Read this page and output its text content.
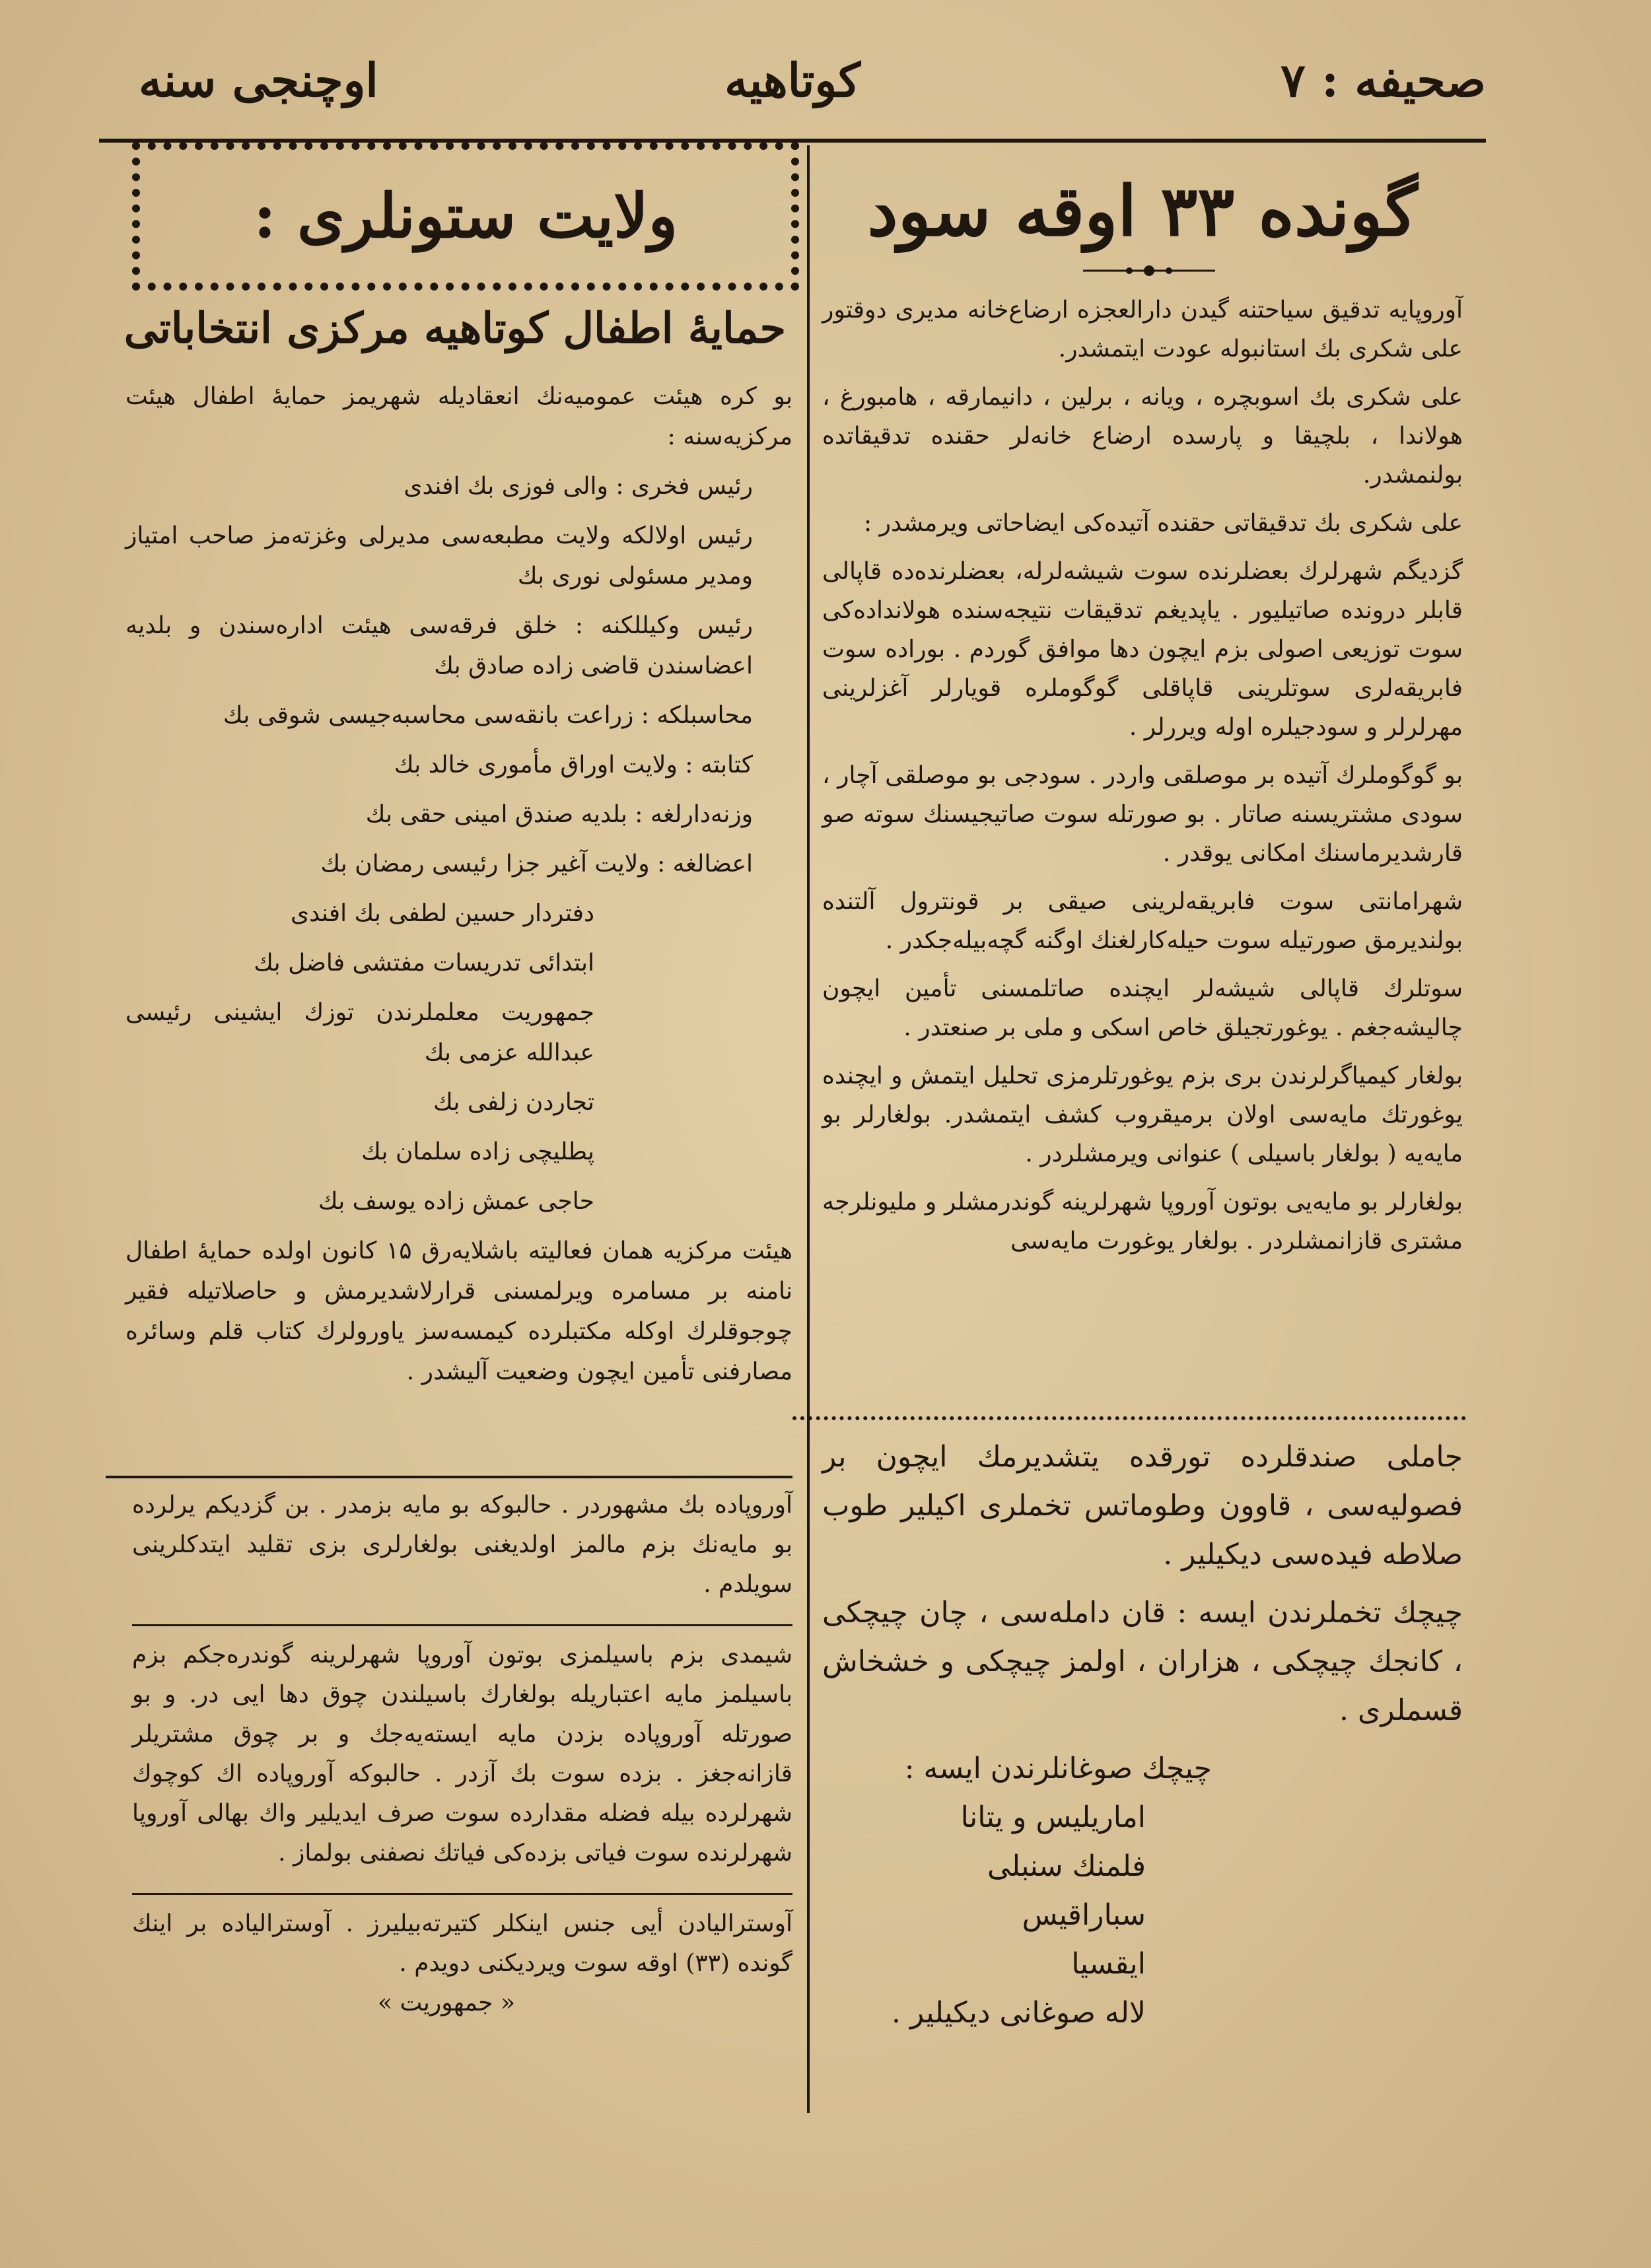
اوچنجی سنه	کوتاهیه	صحیفه : ۷
گونده ۳۳ اوقه سود

آوروپایه تدقیق سیاحتنه گیدن دارالعجزه ارضاع‌خانه مدیری دوقتور علی شکری بك استانبوله عودت ایتمشدر.

علی شکری بك اسوبچره ، ویانه ، برلین ، دانیمارقه ، هامبورغ ، هولاندا ، بلچیقا و پارسده ارضاع خانه‌لر حقنده تدقیقاتده بولنمشدر.

علی شکری بك تدقیقاتی حقنده آتیده‌کی ایضاحاتی ویرمشدر :

گزدیگم شهرلرك بعضلرنده سوت شیشه‌لرله، بعضلرنده‌ده قاپالی قابلر درونده صاتیلیور . یاپدیغم تدقیقات نتیجه‌سنده هولانداده‌کی سوت توزیعی اصولی بزم ایچون دها موافق گوردم . بوراده سوت فابریقه‌لری سوتلرینی قاپاقلی گوگوملره قویارلر آغزلرینی مهرلرلر و سودجیلره اوله ویررلر .

بو گوگوملرك آتیده بر موصلقی واردر . سودجی بو موصلقی آچار ، سودی مشتریسنه صاتار . بو صورتله سوت صاتیجیسنك سوته صو قارشدیرماسنك امکانی یوقدر .

شهرامانتی سوت فابریقه‌لرینی صیقی بر قونترول آلتنده بولندیرمق صورتیله سوت حیله‌کارلغنك اوگنه گچه‌بیله‌جکدر .

سوتلرك قاپالی شیشه‌لر ایچنده صاتلمسنی تأمین ایچون چالیشه‌جغم . یوغورتجیلق خاص اسکی و ملی بر صنعتدر .

بولغار کیمیاگرلرندن بری بزم یوغورتلرمزی تحلیل ایتمش و ایچنده یوغورتك مایه‌سی اولان برمیقروب کشف ایتمشدر. بولغارلر بو مایه‌یه ( بولغار باسیلی ) عنوانی ویرمشلردر .

بولغارلر بو مایه‌یی بوتون آوروپا شهرلرینه گوندرمشلر و ملیونلرجه مشتری قازانمشلردر . بولغار یوغورت مایه‌سی

جاملی صندقلرده تورقده یتشدیرمك ایچون بر فصولیه‌سی ، قاوون وطوماتس تخملری اکیلیر طوب صلاطه فیده‌سی دیکیلیر .

چیچك تخملرندن ایسه : قان داملەسی ، چان چیچکی ، کانجك چیچکی ، هزاران ، اولمز چیچکی و خشخاش قسملری .

چیچك صوغانلرندن ایسه :

اماریلیس و یتانا

فلمنك سنبلی

سباراقیس

ایقسیا

لاله صوغانی دیکیلیر .

ولایت ستونلری :
حمایهٔ اطفال کوتاهیه مرکزی انتخاباتی

بو کره هیئت عمومیه‌نك انعقادیله شهریمز حمایهٔ اطفال هیئت مرکزیه‌سنه :

رئیس فخری : والی فوزی بك افندی

رئیس اولالکه ولایت مطبعه‌سی مدیرلی وغزته‌مز صاحب امتیاز ومدیر مسئولی نوری بك

رئیس وکیللکنه : خلق فرقه‌سی هیئت اداره‌سندن و بلدیه اعضاسندن قاضی زاده صادق بك

محاسبلکه : زراعت بانقه‌سی محاسبه‌جیسی شوقی بك

کتابته : ولایت اوراق مأموری خالد بك

وزنه‌دارلغه : بلدیه صندق امینی حقی بك

اعضالغه : ولایت آغیر جزا رئیسی رمضان بك

دفتردار حسین لطفی بك افندی

ابتدائی تدریسات مفتشی فاضل بك

جمهوریت معلملرندن توزك ایشینی رئیسی عبدالله عزمی بك

تجاردن زلفی بك

پطلیچی زاده سلمان بك

حاجی عمش زاده یوسف بك

هیئت مرکزیه همان فعالیته باشلایه‌رق ۱۵ کانون اولده حمایهٔ اطفال نامنه بر مسامره ویرلمسنی قرارلاشدیرمش و حاصلاتیله فقیر چوجوقلرك اوکلە مکتبلرده کیمسه‌سز یاورولرك کتاب قلم وسائره مصارفنی تأمین ایچون وضعیت آلیشدر .

آوروپاده بك مشهوردر . حالبوکه بو مایه بزمدر . بن گزدیکم یرلرده بو مایه‌نك بزم مالمز اولدیغنی بولغارلری بزی تقلید ایتدکلرینی سویلدم .

شیمدی بزم باسیلمزی بوتون آوروپا شهرلرینه گوندره‌جکم بزم باسیلمز مایه اعتباریله بولغارك باسیلندن چوق دها ایی در. و بو صورتله آوروپاده بزدن مایه ایسته‌یه‌جك و بر چوق مشتریلر قازانه‌جغز . بزده سوت بك آزدر . حالبوکه آوروپاده اك کوچوك شهرلرده بیله فضله مقدارده سوت صرف ایدیلیر واك بهالی آوروپا شهرلرنده سوت فیاتی بزده‌کی فیاتك نصفنی بولماز .

آوستراليادن أیی جنس اینکلر کتیرته‌بیلیرز . آوستراليادە بر اینك گونده (۳۳) اوقه سوت ویردیکنی دویدم .

« جمهوریت »
